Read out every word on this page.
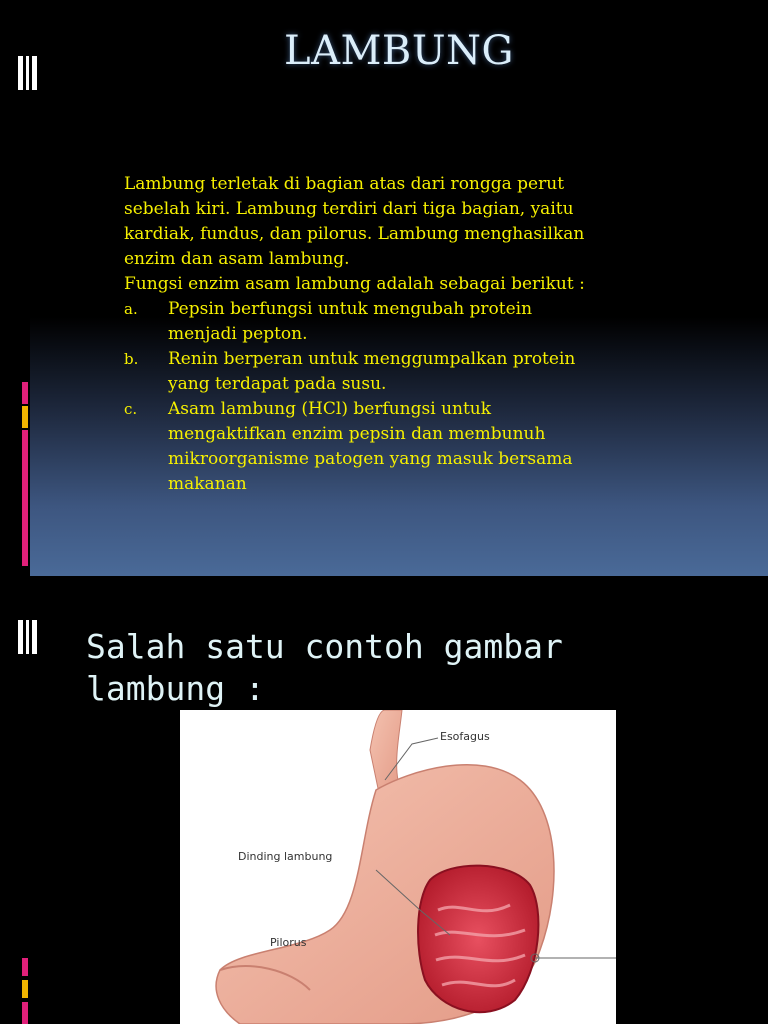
LAMBUNG

Lambung terletak di bagian atas dari rongga perut

sebelah kiri. Lambung terdiri dari tiga bagian, yaitu

kardiak, fundus, dan pilorus. Lambung menghasilkan

enzim dan asam lambung.

Fungsi enzim asam lambung adalah sebagai berikut :

a.	Pepsin berfungsi untuk mengubah protein

menjadi pepton.

b.	Renin berperan untuk menggumpalkan protein

yang terdapat pada susu.

c.	Asam lambung (HCl) berfungsi untuk

mengaktifkan enzim pepsin dan membunuh

mikroorganisme patogen yang masuk bersama

makanan

Salah satu contoh gambar
lambung :
Esofagus
Dinding lambung
Pilorus
